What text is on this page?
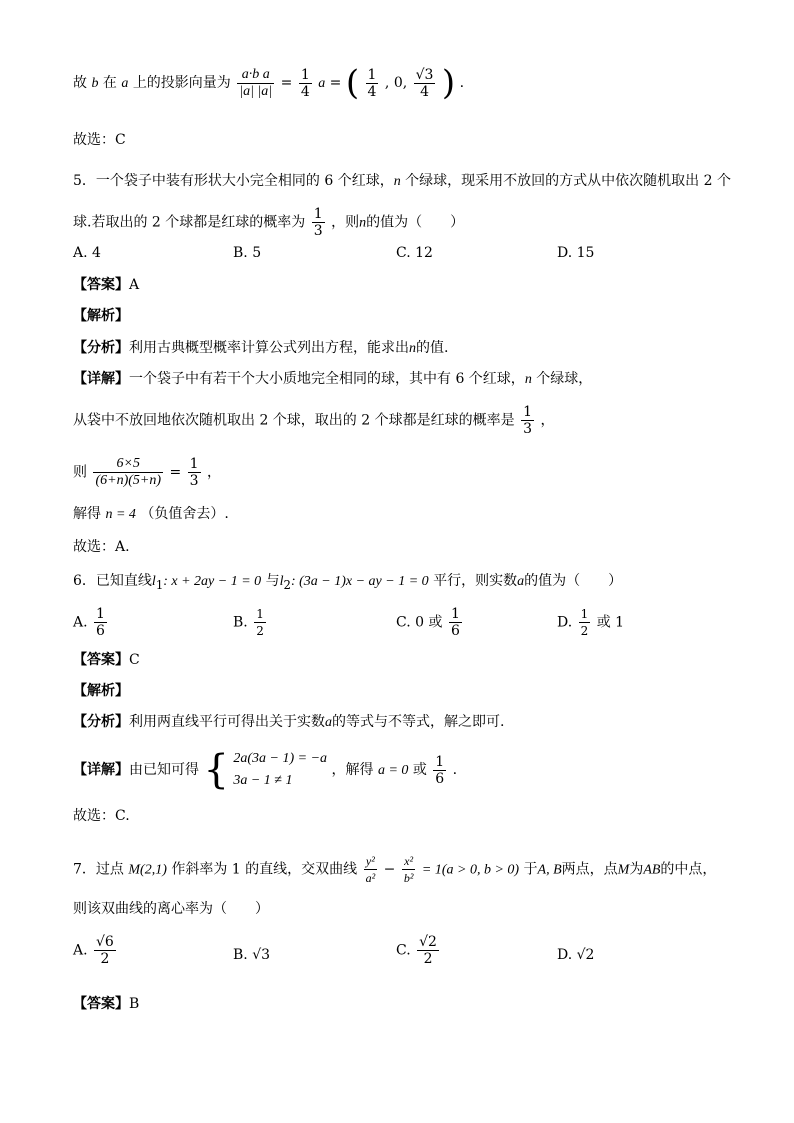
故 b 在 a 上的投影向量为 $\frac{\text{a·b a}}{|a| |a|} = \frac{1}{4}$ a = ( $\frac{1}{4}$ , 0, $\frac{√3}{4}$ ) .
故选：C
5．一个袋子中装有形状大小完全相同的 6 个红球，n 个绿球，现采用不放回的方式从中依次随机取出 2 个
球.若取出的 2 个球都是红球的概率为 $\frac{1}{3}$ ，则n的值为（　　）
A. 4	B. 5	C. 12	D. 15
【答案】A
【解析】
【分析】利用古典概型概率计算公式列出方程，能求出n的值.
【详解】一个袋子中有若干个大小质地完全相同的球，其中有 6 个红球，n 个绿球，
从袋中不放回地依次随机取出 2 个球，取出的 2 个球都是红球的概率是 $\frac{1}{3}$ ，
则 $\frac{6\times 5}{(6+n)(5+n)} = \frac{1}{3}$ ，
解得 n = 4 （负值舍去）.
故选：A.
6．已知直线$l_1$: x + 2ay − 1 = 0 与$l_2$: (3a − 1)x − ay − 1 = 0 平行，则实数a的值为（　　）
A. $\frac{1}{6}$	B. $\frac{1}{2}$	C. 0 或 $\frac{1}{6}$	D. $\frac{1}{2}$ 或 1
【答案】C
【解析】
【分析】利用两直线平行可得出关于实数a的等式与不等式，解之即可.
【详解】由已知可得 { 2a(3a − 1) = −a
3a − 1 ≠ 1
，解得 a = 0 或 $\frac{1}{6}$ .
故选：C.
7．过点 M(2,1) 作斜率为 1 的直线，交双曲线 $\frac{\text{y²}}{\text{a²}} - \frac{\text{x²}}{\text{b²}} = 1(a > 0$, b > 0) 于A, B两点，点M为AB的中点，
则该双曲线的离心率为（　　）
A. $\frac{√6}{2}$	B. √3	C. $\frac{√2}{2}$	D. √2
【答案】B
